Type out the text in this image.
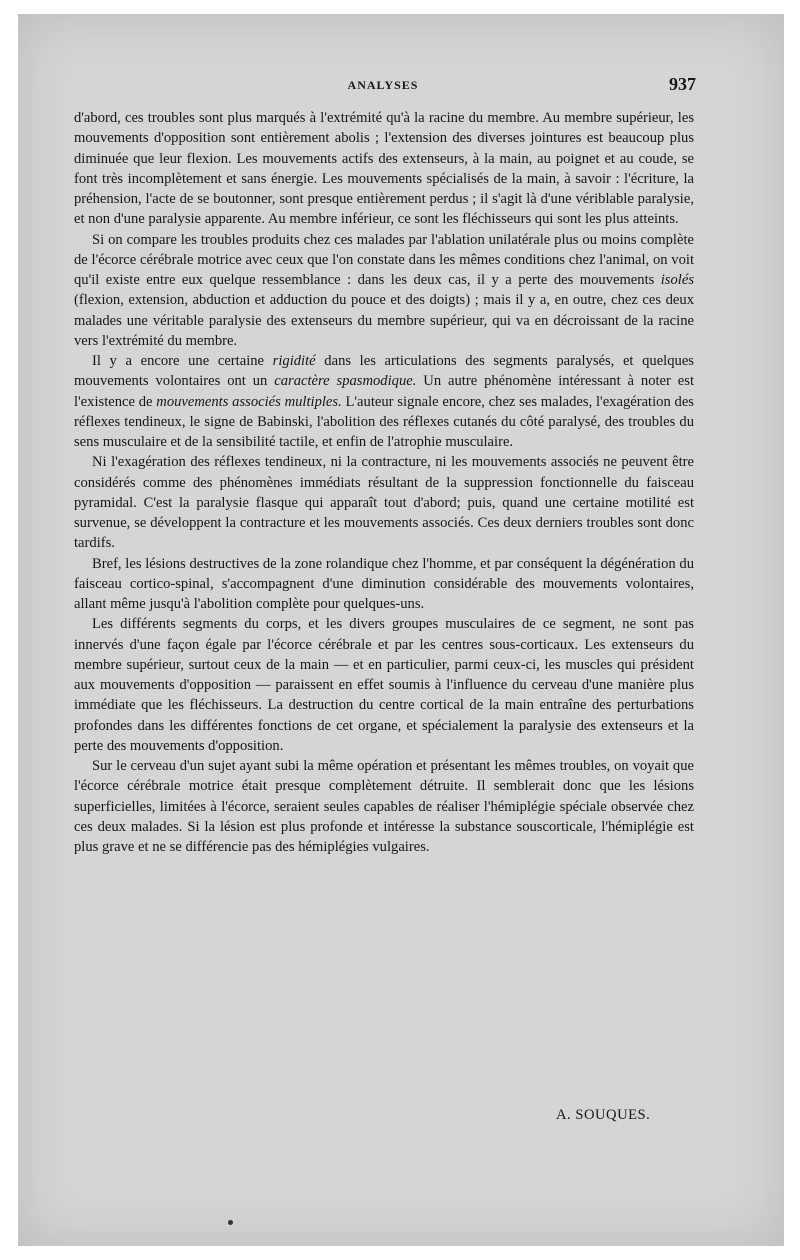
ANALYSES	937

d'abord, ces troubles sont plus marqués à l'extrémité qu'à la racine du membre. Au membre supérieur, les mouvements d'opposition sont entièrement abolis ; l'extension des diverses jointures est beaucoup plus diminuée que leur flexion. Les mouvements actifs des extenseurs, à la main, au poignet et au coude, se font très incomplètement et sans énergie. Les mouvements spécialisés de la main, à savoir : l'écriture, la préhension, l'acte de se boutonner, sont presque entièrement perdus ; il s'agit là d'une vériblable paralysie, et non d'une paralysie apparente. Au membre inférieur, ce sont les fléchisseurs qui sont les plus atteints.

Si on compare les troubles produits chez ces malades par l'ablation unilatérale plus ou moins complète de l'écorce cérébrale motrice avec ceux que l'on constate dans les mêmes conditions chez l'animal, on voit qu'il existe entre eux quelque ressemblance : dans les deux cas, il y a perte des mouvements isolés (flexion, extension, abduction et adduction du pouce et des doigts) ; mais il y a, en outre, chez ces deux malades une véritable paralysie des extenseurs du membre supérieur, qui va en décroissant de la racine vers l'extrémité du membre.

Il y a encore une certaine rigidité dans les articulations des segments paralysés, et quelques mouvements volontaires ont un caractère spasmodique. Un autre phénomène intéressant à noter est l'existence de mouvements associés multiples. L'auteur signale encore, chez ses malades, l'exagération des réflexes tendineux, le signe de Babinski, l'abolition des réflexes cutanés du côté paralysé, des troubles du sens musculaire et de la sensibilité tactile, et enfin de l'atrophie musculaire.

Ni l'exagération des réflexes tendineux, ni la contracture, ni les mouvements associés ne peuvent être considérés comme des phénomènes immédiats résultant de la suppression fonctionnelle du faisceau pyramidal. C'est la paralysie flasque qui apparaît tout d'abord; puis, quand une certaine motilité est survenue, se développent la contracture et les mouvements associés. Ces deux derniers troubles sont donc tardifs.

Bref, les lésions destructives de la zone rolandique chez l'homme, et par conséquent la dégénération du faisceau cortico-spinal, s'accompagnent d'une diminution considérable des mouvements volontaires, allant même jusqu'à l'abolition complète pour quelques-uns.

Les différents segments du corps, et les divers groupes musculaires de ce segment, ne sont pas innervés d'une façon égale par l'écorce cérébrale et par les centres sous-corticaux. Les extenseurs du membre supérieur, surtout ceux de la main — et en particulier, parmi ceux-ci, les muscles qui président aux mouvements d'opposition — paraissent en effet soumis à l'influence du cerveau d'une manière plus immédiate que les fléchisseurs. La destruction du centre cortical de la main entraîne des perturbations profondes dans les différentes fonctions de cet organe, et spécialement la paralysie des extenseurs et la perte des mouvements d'opposition.

Sur le cerveau d'un sujet ayant subi la même opération et présentant les mêmes troubles, on voyait que l'écorce cérébrale motrice était presque complètement détruite. Il semblerait donc que les lésions superficielles, limitées à l'écorce, seraient seules capables de réaliser l'hémiplégie spéciale observée chez ces deux malades. Si la lésion est plus profonde et intéresse la substance souscorticale, l'hémiplégie est plus grave et ne se différencie pas des hémiplégies vulgaires.

A. SOUQUES.
